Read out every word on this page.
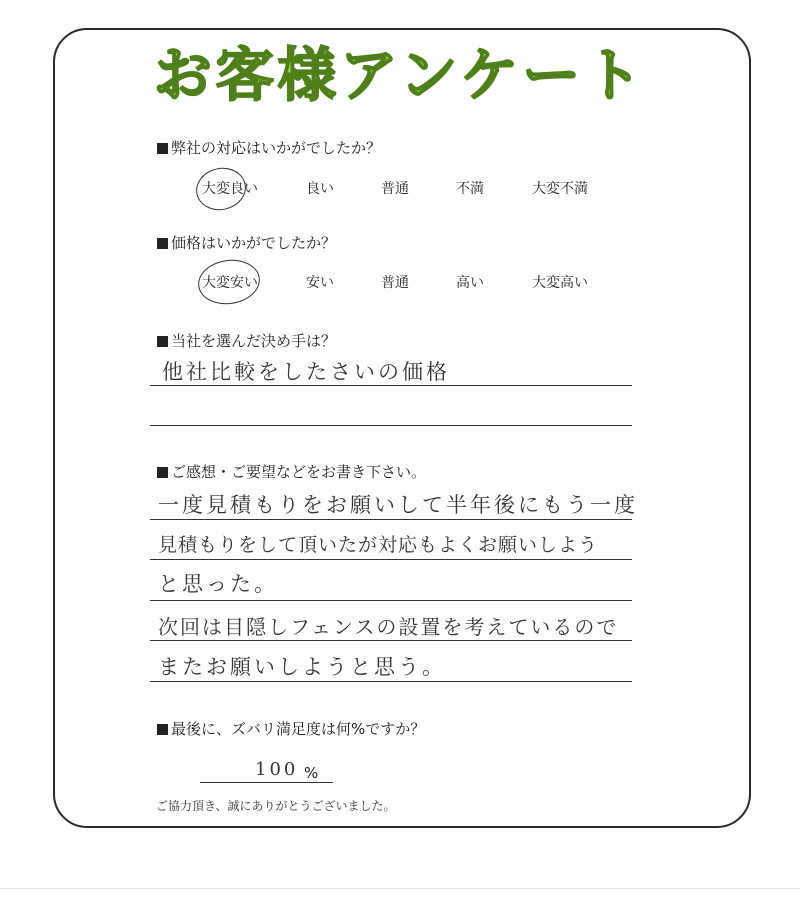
お客様アンケート
弊社の対応はいかがでしたか？
大変良い	良い	普通	不満	大変不満
価格はいかがでしたか？
大変安い	安い	普通	高い	大変高い
当社を選んだ決め手は？
他社比較をしたさいの価格
ご感想・ご要望などをお書き下さい。
一度見積もりをお願いして半年後にもう一度
見積もりをして頂いたが対応もよくお願いしよう
と思った。
次回は目隠しフェンスの設置を考えているので
またお願いしようと思う。
最後に、ズバリ満足度は何%ですか？
100 %
ご協力頂き、誠にありがとうございました。
